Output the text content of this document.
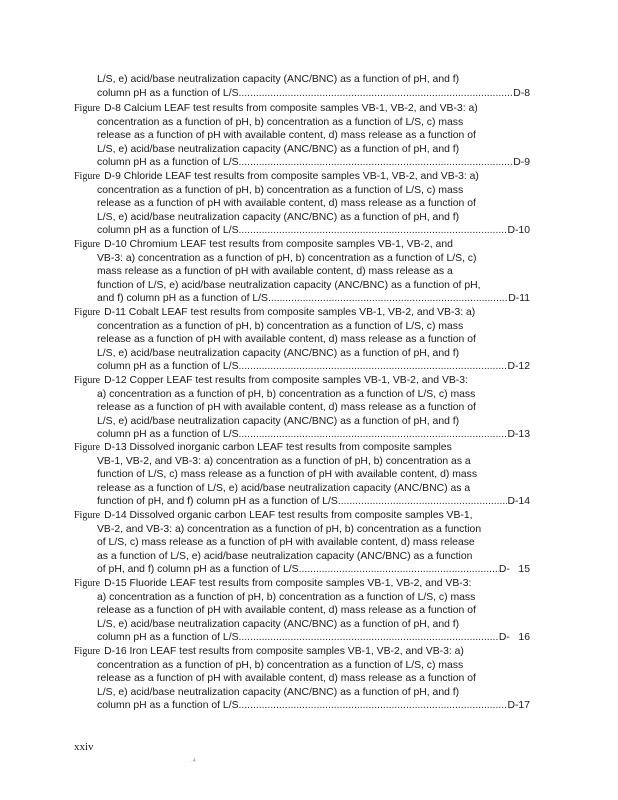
L/S, e) acid/base neutralization capacity (ANC/BNC) as a function of pH, and f)
column pH as a function of L/S .....	D-8
Figure D-8 Calcium LEAF test results from composite samples VB-1, VB-2, and VB-3: a)
concentration as a function of pH, b) concentration as a function of L/S, c) mass
release as a function of pH with available content, d) mass release as a function of
L/S, e) acid/base neutralization capacity (ANC/BNC) as a function of pH, and f)
column pH as a function of L/S .....	D-9
Figure D-9 Chloride LEAF test results from composite samples VB-1, VB-2, and VB-3: a)
concentration as a function of pH, b) concentration as a function of L/S, c) mass
release as a function of pH with available content, d) mass release as a function of
L/S, e) acid/base neutralization capacity (ANC/BNC) as a function of pH, and f)
column pH as a function of L/S .....	D-10
Figure D-10 Chromium LEAF test results from composite samples VB-1, VB-2, and
VB-3: a) concentration as a function of pH, b) concentration as a function of L/S, c)
mass release as a function of pH with available content, d) mass release as a
function of L/S, e) acid/base neutralization capacity (ANC/BNC) as a function of pH,
and f) column pH as a function of L/S .....	D-11
Figure D-11 Cobalt LEAF test results from composite samples VB-1, VB-2, and VB-3: a)
concentration as a function of pH, b) concentration as a function of L/S, c) mass
release as a function of pH with available content, d) mass release as a function of
L/S, e) acid/base neutralization capacity (ANC/BNC) as a function of pH, and f)
column pH as a function of L/S .....	D-12
Figure D-12 Copper LEAF test results from composite samples VB-1, VB-2, and VB-3:
a) concentration as a function of pH, b) concentration as a function of L/S, c) mass
release as a function of pH with available content, d) mass release as a function of
L/S, e) acid/base neutralization capacity (ANC/BNC) as a function of pH, and f)
column pH as a function of L/S .....	D-13
Figure D-13 Dissolved inorganic carbon LEAF test results from composite samples
VB-1, VB-2, and VB-3: a) concentration as a function of pH, b) concentration as a
function of L/S, c) mass release as a function of pH with available content, d) mass
release as a function of L/S, e) acid/base neutralization capacity (ANC/BNC) as a
function of pH, and f) column pH as a function of L/S .....	D-14
Figure D-14 Dissolved organic carbon LEAF test results from composite samples VB-1,
VB-2, and VB-3: a) concentration as a function of pH, b) concentration as a function
of L/S, c) mass release as a function of pH with available content, d) mass release
as a function of L/S, e) acid/base neutralization capacity (ANC/BNC) as a function
of pH, and f) column pH as a function of L/S .....	D-   15
Figure D-15 Fluoride LEAF test results from composite samples VB-1, VB-2, and VB-3:
a) concentration as a function of pH, b) concentration as a function of L/S, c) mass
release as a function of pH with available content, d) mass release as a function of
L/S, e) acid/base neutralization capacity (ANC/BNC) as a function of pH, and f)
column pH as a function of L/S .....	D-   16
Figure D-16 Iron LEAF test results from composite samples VB-1, VB-2, and VB-3: a)
concentration as a function of pH, b) concentration as a function of L/S, c) mass
release as a function of pH with available content, d) mass release as a function of
L/S, e) acid/base neutralization capacity (ANC/BNC) as a function of pH, and f)
column pH as a function of L/S .....	D-17
xxiv
. 4
